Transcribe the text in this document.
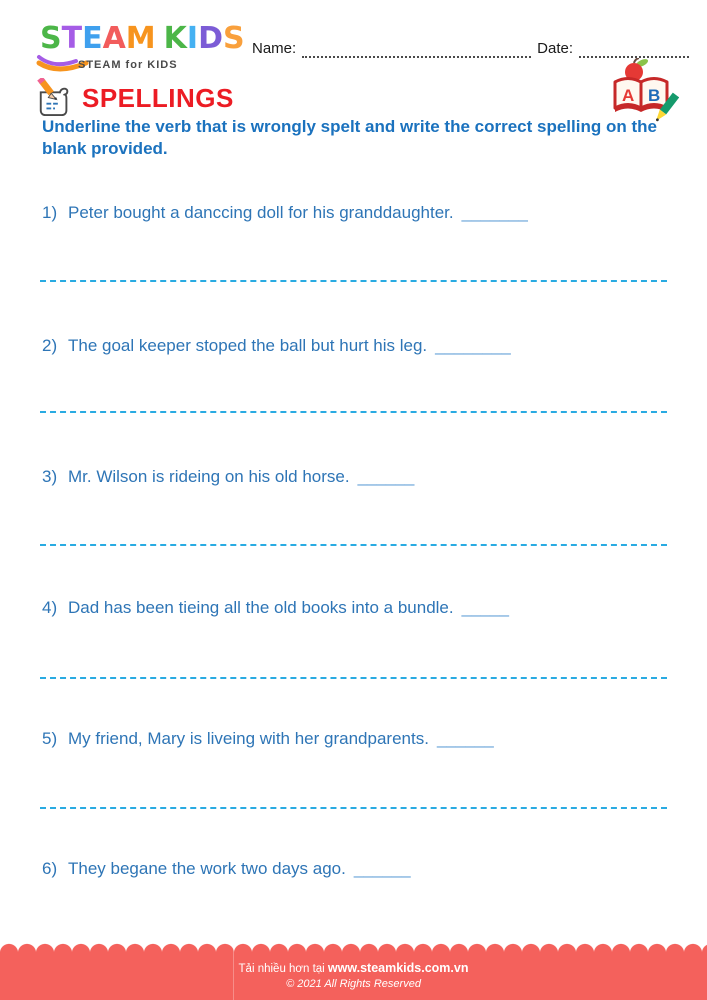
STEAM KIDS
STEAM for KIDS
Name:	Date:
SPELLINGS	A B
Underline the verb that is wrongly spelt and write the correct spelling on the
blank provided.
1) Peter bought a danccing doll for his granddaughter. _______
2) The goal keeper stoped the ball but hurt his leg. ________
3) Mr. Wilson is rideing on his old horse. ______
4) Dad has been tieing all the old books into a bundle. _____
5) My friend, Mary is liveing with her grandparents. ______
6) They begane the work two days ago. ______
Tải nhiều hơn tại www.steamkids.com.vn
© 2021 All Rights Reserved
